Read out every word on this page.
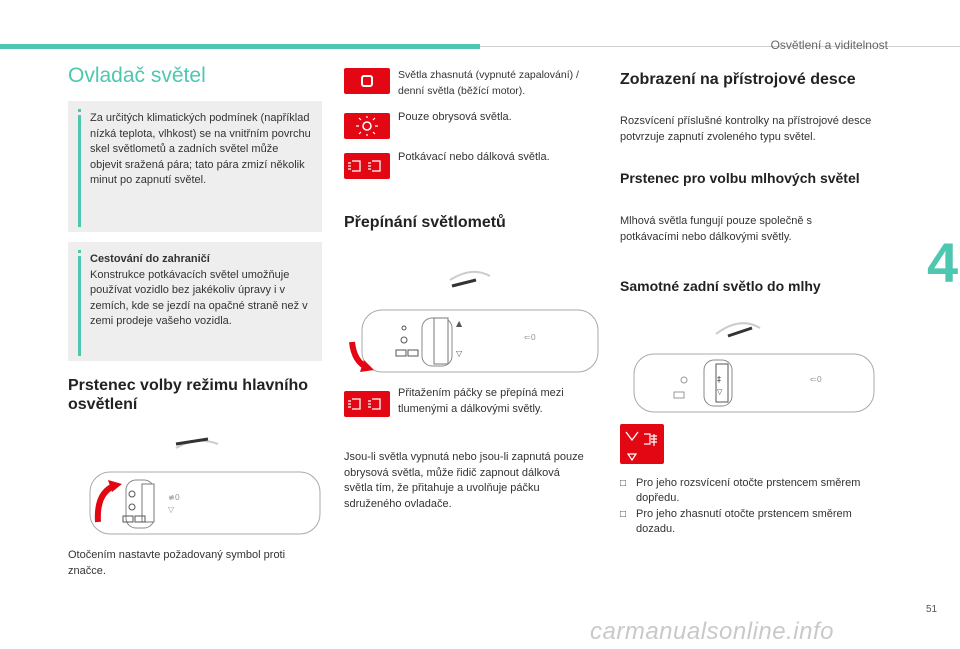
Osvětlení a viditelnost
4
51
carmanualsonline.info
Ovladač světel
Za určitých klimatických podmínek (například nízká teplota, vlhkost) se na vnitřním povrchu skel světlometů a zadních světel může objevit sražená pára; tato pára zmizí několik minut po zapnutí světel.
Cestování do zahraničí
Konstrukce potkávacích světel umožňuje používat vozidlo bez jakékoliv úpravy i v zemích, kde se jezdí na opačné straně než v zemi prodeje vašeho vozidla.
Prstenec volby režimu hlavního osvětlení
≢0
▽
Otočením nastavte požadovaný symbol proti značce.
Světla zhasnutá (vypnuté zapalování) / denní světla (běžící motor).
Pouze obrysová světla.
Potkávací nebo dálková světla.
Přepínání světlometů
▲
▽
⇐0
Přitažením páčky se přepíná mezi tlumenými a dálkovými světly.
Jsou-li světla vypnutá nebo jsou-li zapnutá pouze obrysová světla, může řidič zapnout dálková světla tím, že přitahuje a uvolňuje páčku sdruženého ovladače.
Zobrazení na přístrojové desce
Rozsvícení příslušné kontrolky na přístrojové desce potvrzuje zapnutí zvoleného typu světel.
Prstenec pro volbu mlhových světel
Mlhová světla fungují pouze společně s potkávacími nebo dálkovými světly.
Samotné zadní světlo do mlhy
‡
▽
⇐0
□ Pro jeho rozsvícení otočte prstencem směrem dopředu.
□ Pro jeho zhasnutí otočte prstencem směrem dozadu.
